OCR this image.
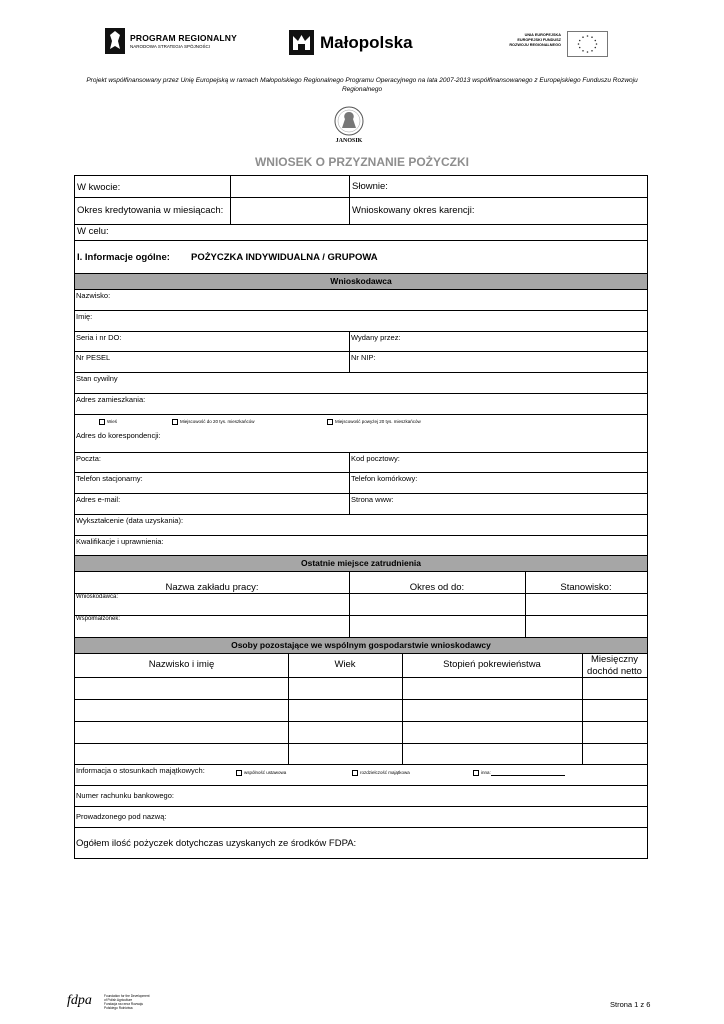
PROGRAM REGIONALNY
NARODOWA STRATEGIA SPÓJNOŚCI	Małopolska	UNIA EUROPEJSKA
EUROPEJSKI FUNDUSZ
ROZWOJU REGIONALNEGO
Projekt współfinansowany przez Unię Europejską w ramach Małopolskiego Regionalnego Programu Operacyjnego na lata 2007-2013 współfinansowanego z Europejskiego Funduszu Rozwoju Regionalnego
JANOSIK
WNIOSEK O PRZYZNANIE POŻYCZKI
W kwocie:	Słownie:
Okres kredytowania w miesiącach:	Wnioskowany okres karencji:
W celu:
I. Informacje ogólne: POŻYCZKA INDYWIDUALNA / GRUPOWA
Wnioskodawca
Nazwisko:
Imię:
Seria i nr DO:	Wydany przez:
Nr PESEL	Nr NIP:
Stan cywilny
Adres zamieszkania:
Wieś	Miejscowość do 20 tys. mieszkańców	Miejscowość powyżej 20 tys. mieszkańców
Adres do korespondencji:
Poczta:	Kod pocztowy:
Telefon stacjonarny:	Telefon komórkowy:
Adres e-mail:	Strona www:
Wykształcenie (data uzyskania):
Kwalifikacje i uprawnienia:
Ostatnie miejsce zatrudnienia
Nazwa zakładu pracy:	Okres od do:	Stanowisko:
Wnioskodawca:
Współmałżonek:
Osoby pozostające we wspólnym gospodarstwie wnioskodawcy
Nazwisko i imię	Wiek	Stopień pokrewieństwa	Miesięczny
dochód netto
Informacja o stosunkach majątkowych:	wspólność ustawowa	rozdzielczość majątkowa	inna:
Numer rachunku bankowego:
Prowadzonego pod nazwą:
Ogółem ilość pożyczek dotychczas uzyskanych ze środków FDPA:
fdpa	Foundation for the Development
of Polish Agriculture
Fundacja na rzecz Rozwoju
Polskiego Rolnictwa	Strona 1 z 6
